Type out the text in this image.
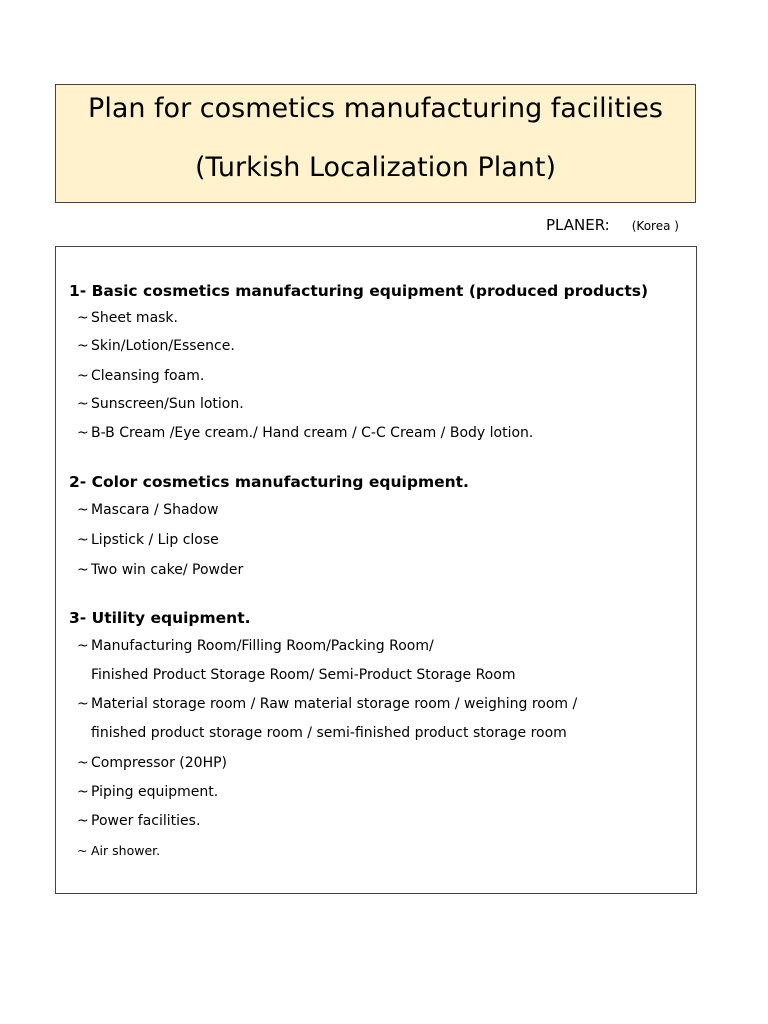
Plan for cosmetics manufacturing facilities
(Turkish Localization Plant)
PLANER: (Korea )
1- Basic cosmetics manufacturing equipment (produced products)
~ Sheet mask.
~ Skin/Lotion/Essence.
~ Cleansing foam.
~ Sunscreen/Sun lotion.
~ B-B Cream /Eye cream./ Hand cream / C-C Cream / Body lotion.
2- Color cosmetics manufacturing equipment.
~ Mascara / Shadow
~ Lipstick / Lip close
~ Two win cake/ Powder
3- Utility equipment.
~ Manufacturing Room/Filling Room/Packing Room/
Finished Product Storage Room/ Semi-Product Storage Room
~ Material storage room / Raw material storage room / weighing room /
finished product storage room / semi-finished product storage room
~ Compressor (20HP)
~ Piping equipment.
~ Power facilities.
~ Air shower.
